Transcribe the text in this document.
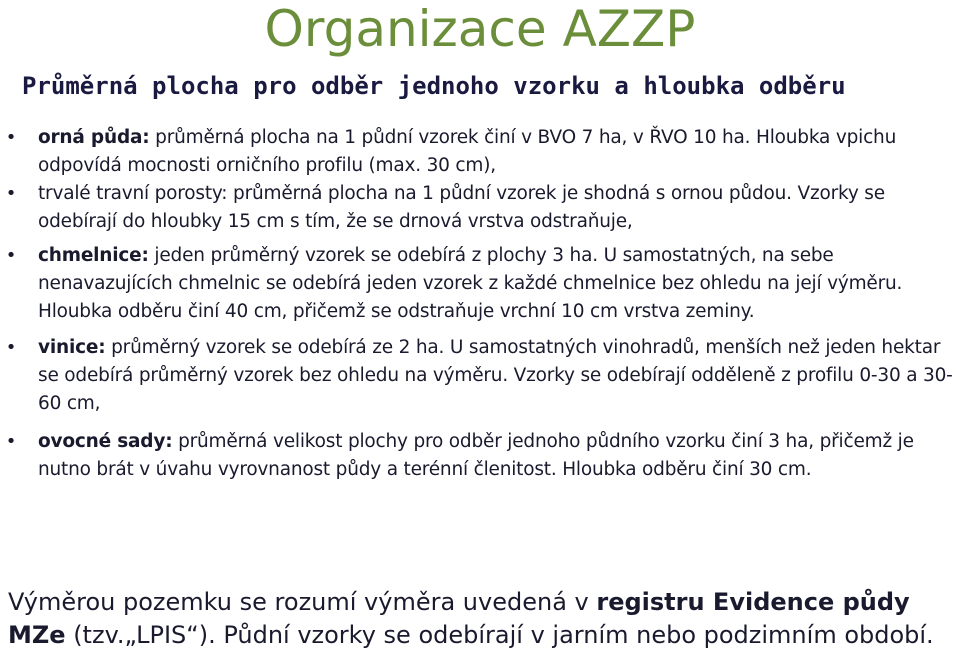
Organizace AZZP
Průměrná plocha pro odběr jednoho vzorku a hloubka odběru
• orná půda: průměrná plocha na 1 půdní vzorek činí v BVO 7 ha, v ŘVO 10 ha. Hloubka vpichu odpovídá mocnosti orničního profilu (max. 30 cm),
• trvalé travní porosty: průměrná plocha na 1 půdní vzorek je shodná s ornou půdou. Vzorky se odebírají do hloubky 15 cm s tím, že se drnová vrstva odstraňuje,
• chmelnice: jeden průměrný vzorek se odebírá z plochy 3 ha. U samostatných, na sebe nenavazujících chmelnic se odebírá jeden vzorek z každé chmelnice bez ohledu na její výměru. Hloubka odběru činí 40 cm, přičemž se odstraňuje vrchní 10 cm vrstva zeminy.
• vinice: průměrný vzorek se odebírá ze 2 ha. U samostatných vinohradů, menších než jeden hektar se odebírá průměrný vzorek bez ohledu na výměru. Vzorky se odebírají odděleně z profilu 0-30 a 30-60 cm,
• ovocné sady: průměrná velikost plochy pro odběr jednoho půdního vzorku činí 3 ha, přičemž je nutno brát v úvahu vyrovnanost půdy a terénní členitost. Hloubka odběru činí 30 cm.

Výměrou pozemku se rozumí výměra uvedená v registru Evidence půdy MZe (tzv.„LPIS“). Půdní vzorky se odebírají v jarním nebo podzimním období.
